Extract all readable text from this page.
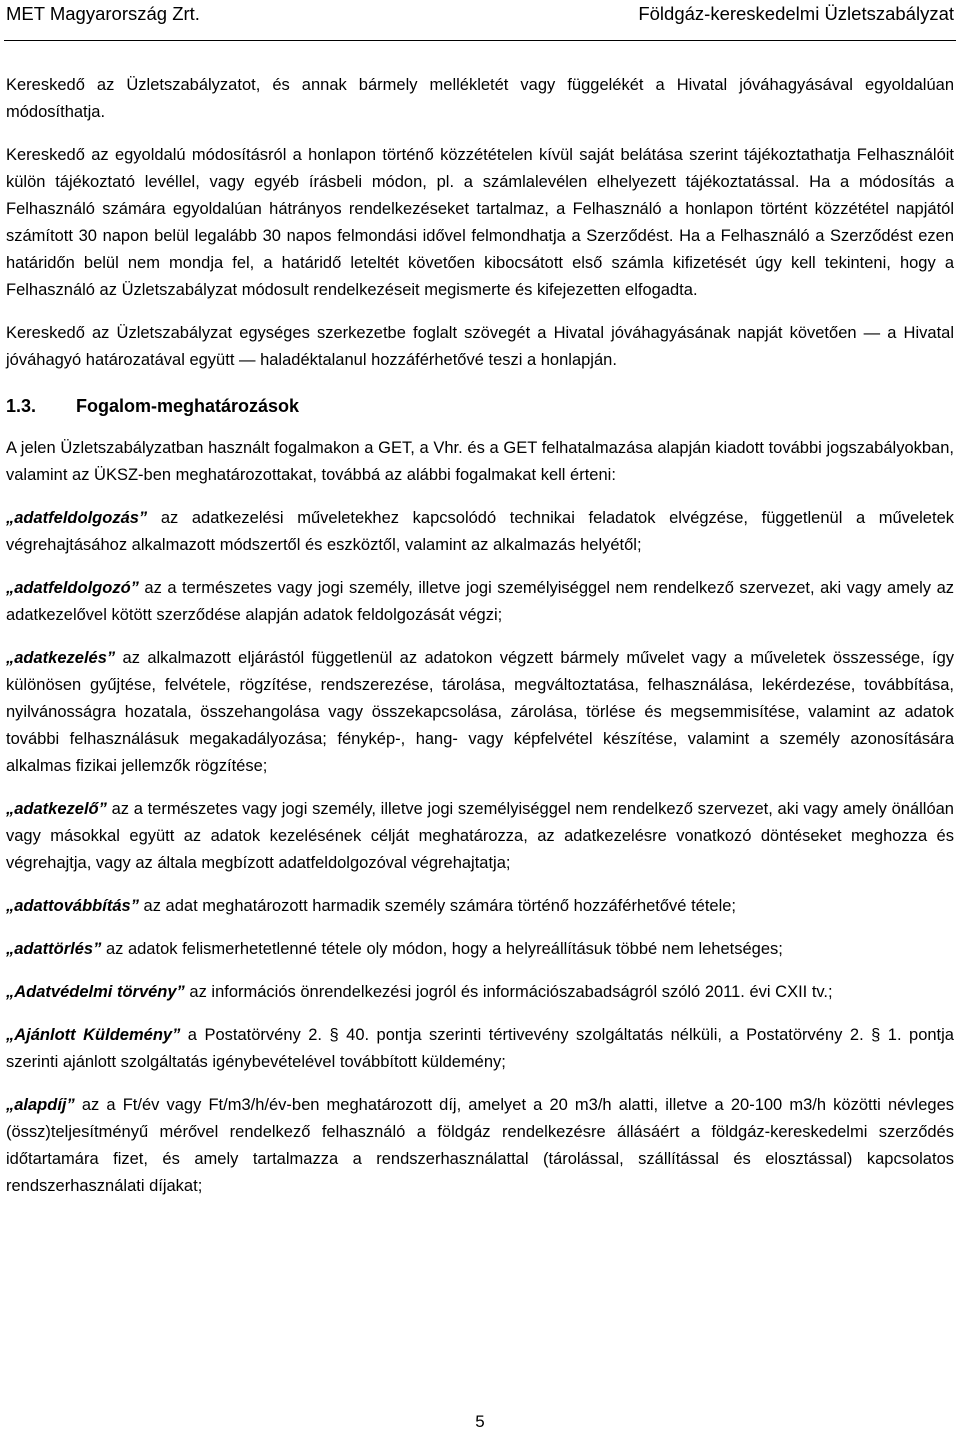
MET Magyarország Zrt.	Földgáz-kereskedelmi Üzletszabályzat

Kereskedő az Üzletszabályzatot, és annak bármely mellékletét vagy függelékét a Hivatal jóváhagyásával egyoldalúan módosíthatja.

Kereskedő az egyoldalú módosításról a honlapon történő közzétételen kívül saját belátása szerint tájékoztathatja Felhasználóit külön tájékoztató levéllel, vagy egyéb írásbeli módon, pl. a számlalevélen elhelyezett tájékoztatással. Ha a módosítás a Felhasználó számára egyoldalúan hátrányos rendelkezéseket tartalmaz, a Felhasználó a honlapon történt közzététel napjától számított 30 napon belül legalább 30 napos felmondási idővel felmondhatja a Szerződést. Ha a Felhasználó a Szerződést ezen határidőn belül nem mondja fel, a határidő leteltét követően kibocsátott első számla kifizetését úgy kell tekinteni, hogy a Felhasználó az Üzletszabályzat módosult rendelkezéseit megismerte és kifejezetten elfogadta.

Kereskedő az Üzletszabályzat egységes szerkezetbe foglalt szövegét a Hivatal jóváhagyásának napját követően ― a Hivatal jóváhagyó határozatával együtt ― haladéktalanul hozzáférhetővé teszi a honlapján.

1.3.	Fogalom-meghatározások

A jelen Üzletszabályzatban használt fogalmakon a GET, a Vhr. és a GET felhatalmazása alapján kiadott további jogszabályokban, valamint az ÜKSZ-ben meghatározottakat, továbbá az alábbi fogalmakat kell érteni:

„adatfeldolgozás” az adatkezelési műveletekhez kapcsolódó technikai feladatok elvégzése, függetlenül a műveletek végrehajtásához alkalmazott módszertől és eszköztől, valamint az alkalmazás helyétől;

„adatfeldolgozó” az a természetes vagy jogi személy, illetve jogi személyiséggel nem rendelkező szervezet, aki vagy amely az adatkezelővel kötött szerződése alapján adatok feldolgozását végzi;

„adatkezelés” az alkalmazott eljárástól függetlenül az adatokon végzett bármely művelet vagy a műveletek összessége, így különösen gyűjtése, felvétele, rögzítése, rendszerezése, tárolása, megváltoztatása, felhasználása, lekérdezése, továbbítása, nyilvánosságra hozatala, összehangolása vagy összekapcsolása, zárolása, törlése és megsemmisítése, valamint az adatok további felhasználásuk megakadályozása; fénykép-, hang- vagy képfelvétel készítése, valamint a személy azonosítására alkalmas fizikai jellemzők rögzítése;

„adatkezelő” az a természetes vagy jogi személy, illetve jogi személyiséggel nem rendelkező szervezet, aki vagy amely önállóan vagy másokkal együtt az adatok kezelésének célját meghatározza, az adatkezelésre vonatkozó döntéseket meghozza és végrehajtja, vagy az általa megbízott adatfeldolgozóval végrehajtatja;

„adattovábbítás” az adat meghatározott harmadik személy számára történő hozzáférhetővé tétele;

„adattörlés” az adatok felismerhetetlenné tétele oly módon, hogy a helyreállításuk többé nem lehetséges;

„Adatvédelmi törvény” az információs önrendelkezési jogról és információszabadságról szóló 2011. évi CXII tv.;

„Ajánlott Küldemény” a Postatörvény 2. § 40. pontja szerinti tértivevény szolgáltatás nélküli, a Postatörvény 2. § 1. pontja szerinti ajánlott szolgáltatás igénybevételével továbbított küldemény;

„alapdíj” az a Ft/év vagy Ft/m3/h/év-ben meghatározott díj, amelyet a 20 m3/h alatti, illetve a 20-100 m3/h közötti névleges (össz)teljesítményű mérővel rendelkező felhasználó a földgáz rendelkezésre állásáért a földgáz-kereskedelmi szerződés időtartamára fizet, és amely tartalmazza a rendszerhasználattal (tárolással, szállítással és elosztással) kapcsolatos rendszerhasználati díjakat;

5
